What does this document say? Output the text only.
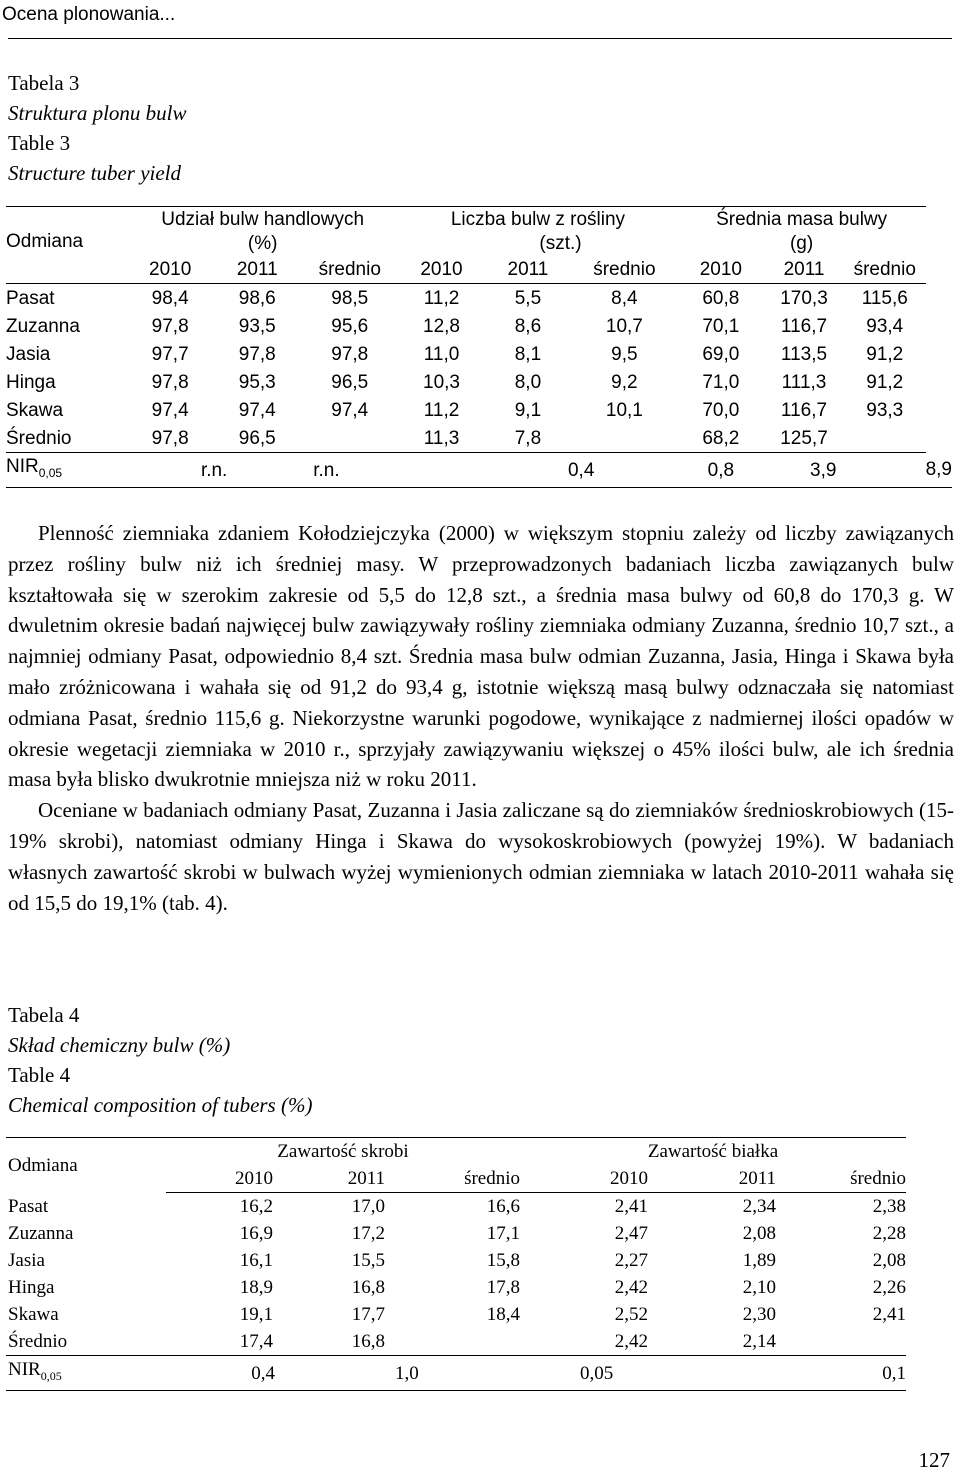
Ocena plonowania...
Tabela 3
Struktura plonu bulw
Table 3
Structure tuber yield
Odmiana	Udział bulw handlowych			Liczba bulw z rośliny			Średnia masa bulwy			
	(%)			(szt.)			(g)			
	2010	2011	średnio	2010	2011	średnio	2010	2011	średnio	
Pasat	98,4	98,6	98,5	11,2	5,5	8,4	60,8	170,3	115,6	
Zuzanna	97,8	93,5	95,6	12,8	8,6	10,7	70,1	116,7	93,4	
Jasia	97,7	97,8	97,8	11,0	8,1	9,5	69,0	113,5	91,2	
Hinga	97,8	95,3	96,5	10,3	8,0	9,2	71,0	111,3	91,2	
Skawa	97,4	97,4	97,4	11,2	9,1	10,1	70,0	116,7	93,3	
Średnio	97,8	96,5		11,3	7,8		68,2	125,7		
$NIR_{0,05}$	r.n.		r.n.		0,4		0,8	3,9		8,9

Plenność ziemniaka zdaniem Kołodziejczyka (2000) w większym stopniu zależy od liczby zawiązanych przez rośliny bulw niż ich średniej masy. W przeprowadzonych badaniach liczba zawiązanych bulw kształtowała się w szerokim zakresie od 5,5 do 12,8 szt., a średnia masa bulwy od 60,8 do 170,3 g. W dwuletnim okresie badań najwięcej bulw zawiązywały rośliny ziemniaka odmiany Zuzanna, średnio 10,7 szt., a najmniej odmiany Pasat, odpowiednio 8,4 szt. Średnia masa bulw odmian Zuzanna, Jasia, Hinga i Skawa była mało zróżnicowana i wahała się od 91,2 do 93,4 g, istotnie większą masą bulwy odznaczała się natomiast odmiana Pasat, średnio 115,6 g. Niekorzystne warunki pogodowe, wynikające z nadmiernej ilości opadów w okresie wegetacji ziemniaka w 2010 r., sprzyjały zawiązywaniu większej o 45% ilości bulw, ale ich średnia masa była blisko dwukrotnie mniejsza niż w roku 2011.

Oceniane w badaniach odmiany Pasat, Zuzanna i Jasia zaliczane są do ziemniaków średnioskrobiowych (15-19% skrobi), natomiast odmiany Hinga i Skawa do wysokoskrobiowych (powyżej 19%). W badaniach własnych zawartość skrobi w bulwach wyżej wymienionych odmian ziemniaka w latach 2010-2011 wahała się od 15,5 do 19,1% (tab. 4).

Tabela 4
Skład chemiczny bulw (%)
Table 4
Chemical composition of tubers (%)
Odmiana	Zawartość skrobi			Zawartość białka		
	2010	2011	średnio	2010	2011	średnio
Pasat	16,2	17,0	16,6	2,41	2,34	2,38
Zuzanna	16,9	17,2	17,1	2,47	2,08	2,28
Jasia	16,1	15,5	15,8	2,27	1,89	2,08
Hinga	18,9	16,8	17,8	2,42	2,10	2,26
Skawa	19,1	17,7	18,4	2,52	2,30	2,41
Średnio	17,4	16,8		2,42	2,14	
$NIR_{0,05}$	0,4		1,0	0,05		0,1
127
